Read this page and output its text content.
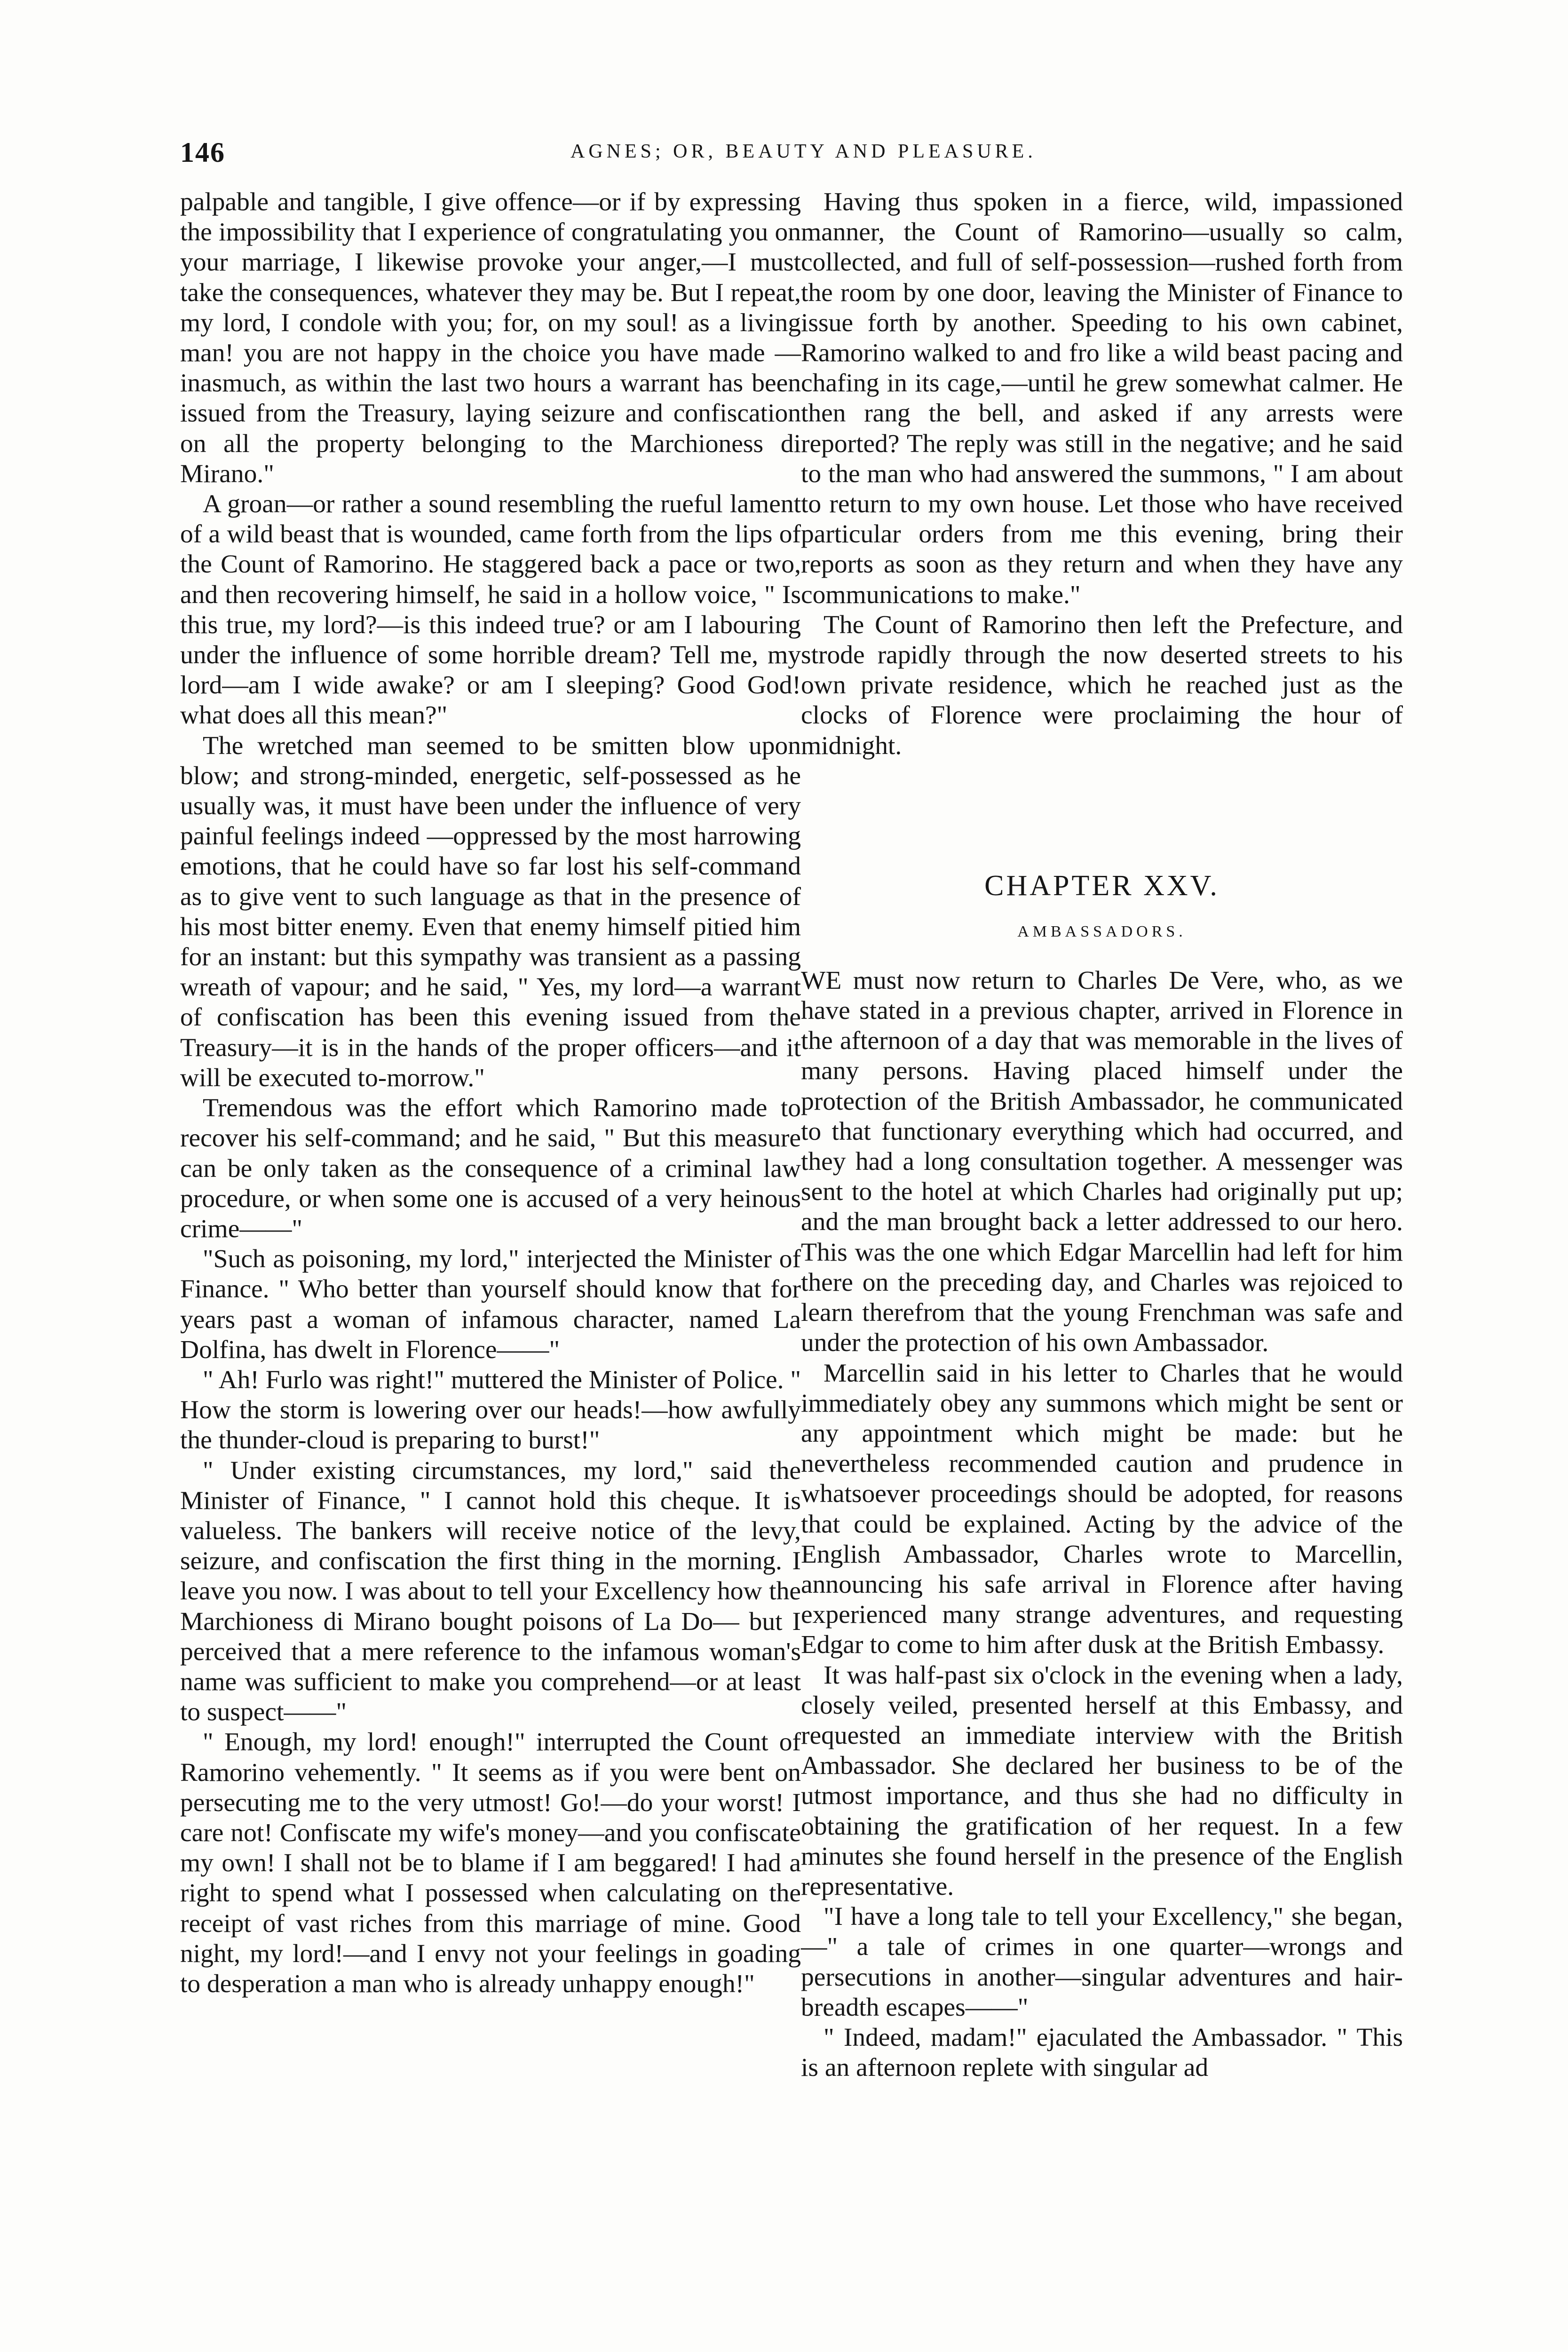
146	AGNES; OR, BEAUTY AND PLEASURE.

palpable and tangible, I give offence—or if by expressing the impossibility that I experience of congratulating you on your marriage, I likewise provoke your anger,—I must take the consequences, whatever they may be. But I repeat, my lord, I condole with you; for, on my soul! as a living man! you are not happy in the choice you have made — inasmuch, as within the last two hours a warrant has been issued from the Treasury, laying seizure and confiscation on all the property belonging to the Marchioness di Mirano."

A groan—or rather a sound resembling the rueful lament of a wild beast that is wounded, came forth from the lips of the Count of Ramorino. He staggered back a pace or two, and then recovering himself, he said in a hollow voice, " Is this true, my lord?—is this indeed true? or am I labouring under the influence of some horrible dream? Tell me, my lord—am I wide awake? or am I sleeping? Good God! what does all this mean?"

The wretched man seemed to be smitten blow upon blow; and strong-minded, energetic, self-possessed as he usually was, it must have been under the influence of very painful feelings indeed —oppressed by the most harrowing emotions, that he could have so far lost his self-command as to give vent to such language as that in the presence of his most bitter enemy. Even that enemy himself pitied him for an instant: but this sympathy was transient as a passing wreath of vapour; and he said, " Yes, my lord—a warrant of confiscation has been this evening issued from the Treasury—it is in the hands of the proper officers—and it will be executed to-morrow."

Tremendous was the effort which Ramorino made to recover his self-command; and he said, " But this measure can be only taken as the consequence of a criminal law procedure, or when some one is accused of a very heinous crime——"

"Such as poisoning, my lord," interjected the Minister of Finance. " Who better than yourself should know that for years past a woman of infamous character, named La Dolfina, has dwelt in Florence——"

" Ah! Furlo was right!" muttered the Minister of Police. " How the storm is lowering over our heads!—how awfully the thunder-cloud is preparing to burst!"

" Under existing circumstances, my lord," said the Minister of Finance, " I cannot hold this cheque. It is valueless. The bankers will receive notice of the levy, seizure, and confiscation the first thing in the morning. I leave you now. I was about to tell your Excellency how the Marchioness di Mirano bought poisons of La Do— but I perceived that a mere reference to the infamous woman's name was sufficient to make you comprehend—or at least to suspect——"

" Enough, my lord! enough!" interrupted the Count of Ramorino vehemently. " It seems as if you were bent on persecuting me to the very utmost! Go!—do your worst! I care not! Confiscate my wife's money—and you confiscate my own! I shall not be to blame if I am beggared! I had a right to spend what I possessed when calculating on the receipt of vast riches from this marriage of mine. Good night, my lord!—and I envy not your feelings in goading to desperation a man who is already unhappy enough!"

Having thus spoken in a fierce, wild, impassioned manner, the Count of Ramorino—usually so calm, collected, and full of self-possession—rushed forth from the room by one door, leaving the Minister of Finance to issue forth by another. Speeding to his own cabinet, Ramorino walked to and fro like a wild beast pacing and chafing in its cage,—until he grew somewhat calmer. He then rang the bell, and asked if any arrests were reported? The reply was still in the negative; and he said to the man who had answered the summons, " I am about to return to my own house. Let those who have received particular orders from me this evening, bring their reports as soon as they return and when they have any communications to make."

The Count of Ramorino then left the Prefecture, and strode rapidly through the now deserted streets to his own private residence, which he reached just as the clocks of Florence were proclaiming the hour of midnight.

CHAPTER XXV.
AMBASSADORS.

WE must now return to Charles De Vere, who, as we have stated in a previous chapter, arrived in Florence in the afternoon of a day that was memorable in the lives of many persons. Having placed himself under the protection of the British Ambassador, he communicated to that functionary everything which had occurred, and they had a long consultation together. A messenger was sent to the hotel at which Charles had originally put up; and the man brought back a letter addressed to our hero. This was the one which Edgar Marcellin had left for him there on the preceding day, and Charles was rejoiced to learn therefrom that the young Frenchman was safe and under the protection of his own Ambassador.

Marcellin said in his letter to Charles that he would immediately obey any summons which might be sent or any appointment which might be made: but he nevertheless recommended caution and prudence in whatsoever proceedings should be adopted, for reasons that could be explained. Acting by the advice of the English Ambassador, Charles wrote to Marcellin, announcing his safe arrival in Florence after having experienced many strange adventures, and requesting Edgar to come to him after dusk at the British Embassy.

It was half-past six o'clock in the evening when a lady, closely veiled, presented herself at this Embassy, and requested an immediate interview with the British Ambassador. She declared her business to be of the utmost importance, and thus she had no difficulty in obtaining the gratification of her request. In a few minutes she found herself in the presence of the English representative.

"I have a long tale to tell your Excellency," she began,—" a tale of crimes in one quarter—wrongs and persecutions in another—singular adventures and hair-breadth escapes——"

" Indeed, madam!" ejaculated the Ambassador. " This is an afternoon replete with singular ad
